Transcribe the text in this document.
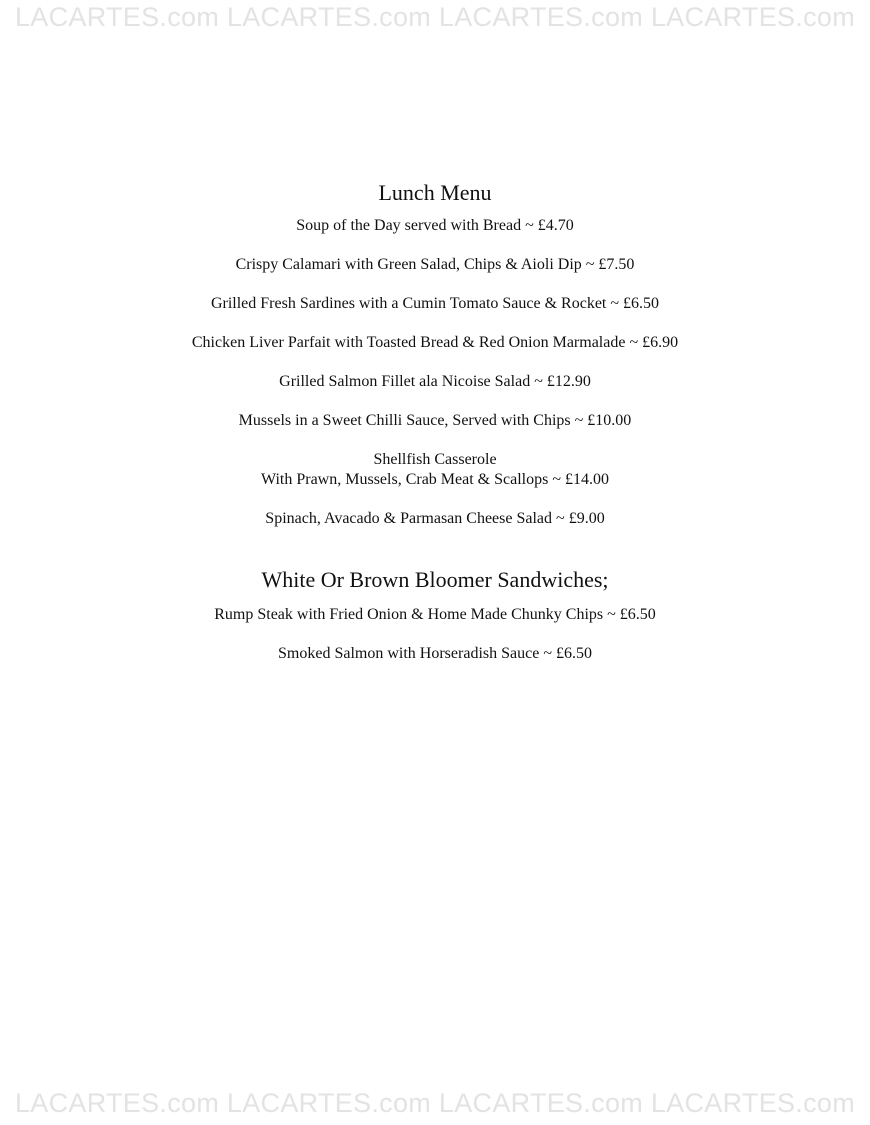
LACARTES.com LACARTES.com LACARTES.com LACARTES.com
Lunch Menu
Soup of the Day served with Bread ~ £4.70
Crispy Calamari with Green Salad, Chips & Aioli Dip ~ £7.50
Grilled Fresh Sardines with a Cumin Tomato Sauce & Rocket ~ £6.50
Chicken Liver Parfait with Toasted Bread & Red Onion Marmalade ~ £6.90
Grilled Salmon Fillet ala Nicoise Salad ~ £12.90
Mussels in a Sweet Chilli Sauce, Served with Chips ~ £10.00
Shellfish Casserole
With Prawn, Mussels, Crab Meat & Scallops ~ £14.00
Spinach, Avacado & Parmasan Cheese Salad ~ £9.00
White Or Brown Bloomer Sandwiches;
Rump Steak with Fried Onion & Home Made Chunky Chips ~ £6.50
Smoked Salmon with Horseradish Sauce ~ £6.50
LACARTES.com LACARTES.com LACARTES.com LACARTES.com
